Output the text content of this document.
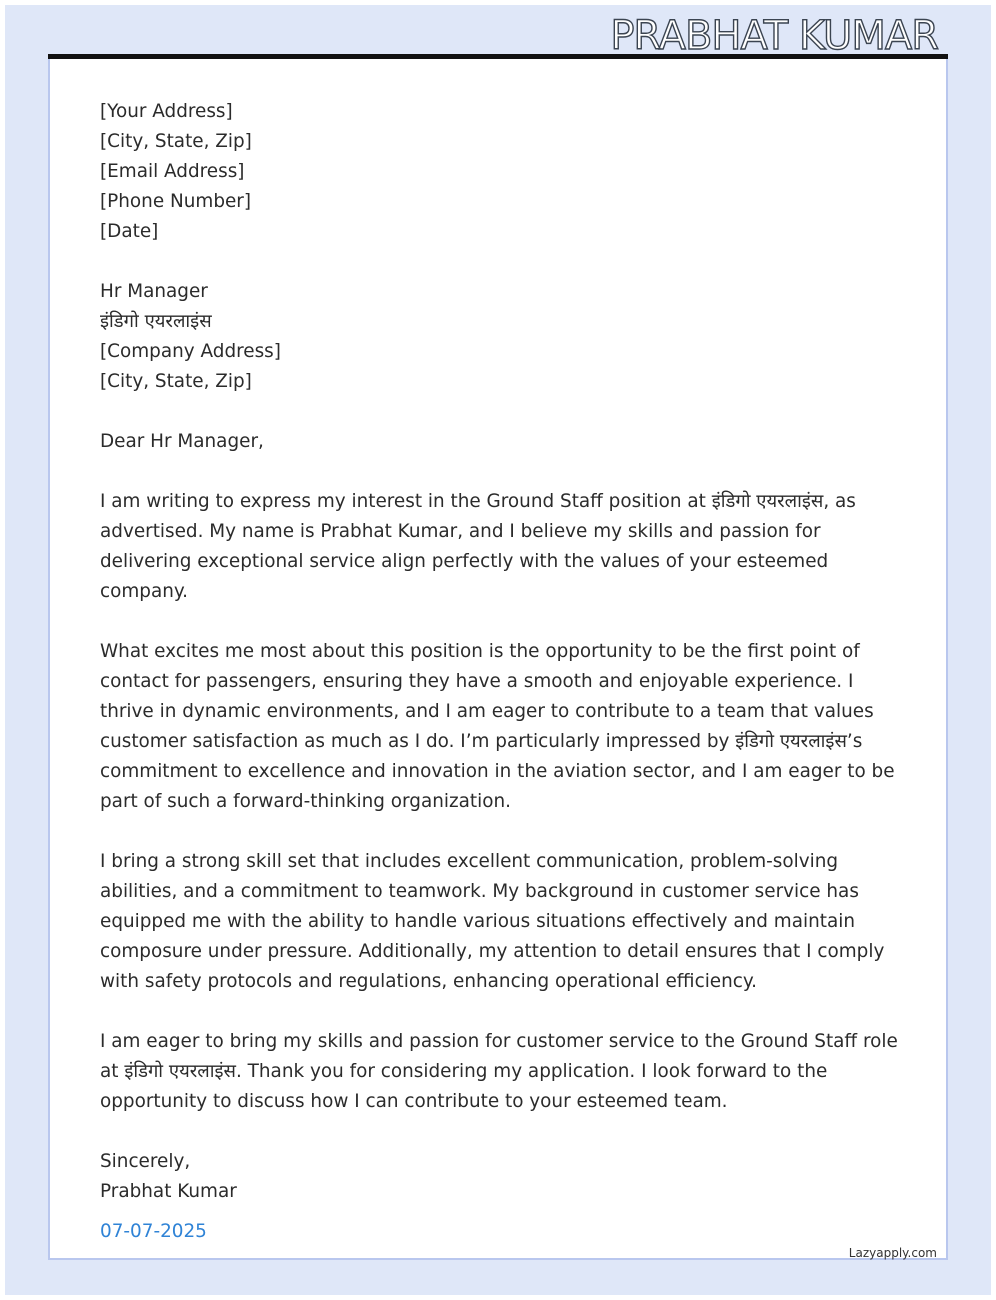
PRABHAT KUMAR
[Your Address]
[City, State, Zip]
[Email Address]
[Phone Number]
[Date]
Hr Manager
इंडिगो एयरलाइंस
[Company Address]
[City, State, Zip]
Dear Hr Manager,

I am writing to express my interest in the Ground Staff position at इंडिगो एयरलाइंस, as advertised. My name is Prabhat Kumar, and I believe my skills and passion for delivering exceptional service align perfectly with the values of your esteemed company.

What excites me most about this position is the opportunity to be the first point of contact for passengers, ensuring they have a smooth and enjoyable experience. I thrive in dynamic environments, and I am eager to contribute to a team that values customer satisfaction as much as I do. I’m particularly impressed by इंडिगो एयरलाइंस’s commitment to excellence and innovation in the aviation sector, and I am eager to be part of such a forward-thinking organization.

I bring a strong skill set that includes excellent communication, problem-solving abilities, and a commitment to teamwork. My background in customer service has equipped me with the ability to handle various situations effectively and maintain composure under pressure. Additionally, my attention to detail ensures that I comply with safety protocols and regulations, enhancing operational efficiency.

I am eager to bring my skills and passion for customer service to the Ground Staff role at इंडिगो एयरलाइंस. Thank you for considering my application. I look forward to the opportunity to discuss how I can contribute to your esteemed team.

Sincerely,
Prabhat Kumar
07-07-2025
Lazyapply.com
